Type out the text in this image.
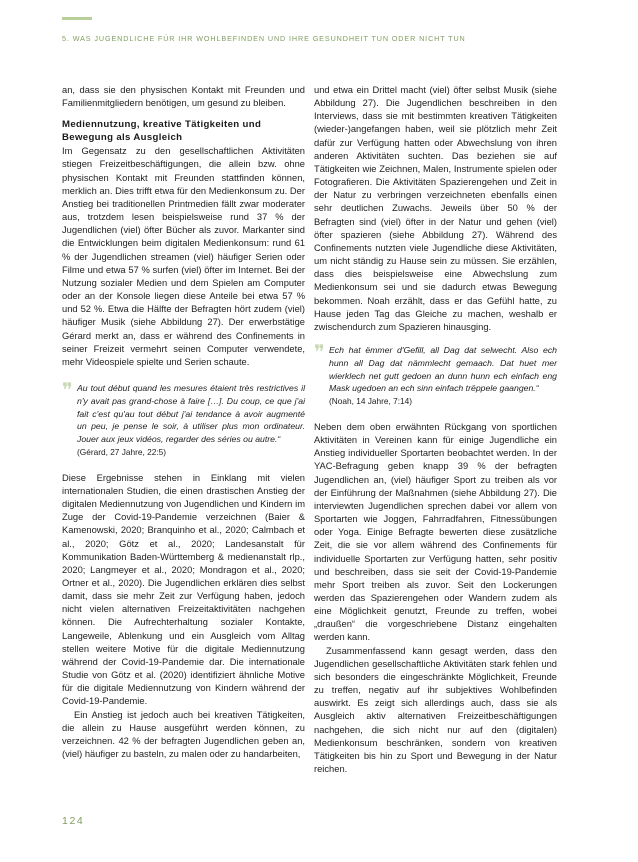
5. WAS JUGENDLICHE FÜR IHR WOHLBEFINDEN UND IHRE GESUNDHEIT TUN ODER NICHT TUN

an, dass sie den physischen Kontakt mit Freunden und Familienmitgliedern benötigen, um gesund zu bleiben.

Mediennutzung, kreative Tätigkeiten und Bewegung als Ausgleich

Im Gegensatz zu den gesellschaftlichen Aktivitäten stiegen Freizeitbeschäftigungen, die allein bzw. ohne physischen Kontakt mit Freunden stattfinden können, merklich an. Dies trifft etwa für den Medienkonsum zu. Der Anstieg bei traditionellen Printmedien fällt zwar moderater aus, trotzdem lesen beispielsweise rund 37 % der Jugendlichen (viel) öfter Bücher als zuvor. Markanter sind die Entwicklungen beim digitalen Medienkonsum: rund 61 % der Jugendlichen streamen (viel) häufiger Serien oder Filme und etwa 57 % surfen (viel) öfter im Internet. Bei der Nutzung sozialer Medien und dem Spielen am Computer oder an der Konsole liegen diese Anteile bei etwa 57 % und 52 %. Etwa die Hälfte der Befragten hört zudem (viel) häufiger Musik (siehe Abbildung 27). Der erwerbstätige Gérard merkt an, dass er während des Confinements in seiner Freizeit vermehrt seinen Computer verwendete, mehr Videospiele spielte und Serien schaute.

❞ Au tout début quand les mesures étaient très restrictives il n'y avait pas grand-chose à faire […]. Du coup, ce que j'ai fait c'est qu'au tout début j'ai tendance à avoir augmenté un peu, je pense le soir, à utiliser plus mon ordinateur. Jouer aux jeux vidéos, regarder des séries ou autre.“
(Gérard, 27 Jahre, 22:5)

Diese Ergebnisse stehen in Einklang mit vielen internationalen Studien, die einen drastischen Anstieg der digitalen Mediennutzung von Jugendlichen und Kindern im Zuge der Covid-19-Pandemie verzeichnen (Baier & Kamenowski, 2020; Branquinho et al., 2020; Calmbach et al., 2020; Götz et al., 2020; Landesanstalt für Kommunikation Baden-Württemberg & medienanstalt rlp., 2020; Langmeyer et al., 2020; Mondragon et al., 2020; Ortner et al., 2020). Die Jugendlichen erklären dies selbst damit, dass sie mehr Zeit zur Verfügung haben, jedoch nicht vielen alternativen Freizeitaktivitäten nachgehen können. Die Aufrechterhaltung sozialer Kontakte, Langeweile, Ablenkung und ein Ausgleich vom Alltag stellen weitere Motive für die digitale Mediennutzung während der Covid-19-Pandemie dar. Die internationale Studie von Götz et al. (2020) identifiziert ähnliche Motive für die digitale Mediennutzung von Kindern während der Covid-19-Pandemie.

Ein Anstieg ist jedoch auch bei kreativen Tätigkeiten, die allein zu Hause ausgeführt werden können, zu verzeichnen. 42 % der befragten Jugendlichen geben an, (viel) häufiger zu basteln, zu malen oder zu handarbeiten,

und etwa ein Drittel macht (viel) öfter selbst Musik (siehe Abbildung 27). Die Jugendlichen beschreiben in den Interviews, dass sie mit bestimmten kreativen Tätigkeiten (wieder-)angefangen haben, weil sie plötzlich mehr Zeit dafür zur Verfügung hatten oder Abwechslung von ihren anderen Aktivitäten suchten. Das beziehen sie auf Tätigkeiten wie Zeichnen, Malen, Instrumente spielen oder Fotografieren. Die Aktivitäten Spazierengehen und Zeit in der Natur zu verbringen verzeichneten ebenfalls einen sehr deutlichen Zuwachs. Jeweils über 50 % der Befragten sind (viel) öfter in der Natur und gehen (viel) öfter spazieren (siehe Abbildung 27). Während des Confinements nutzten viele Jugendliche diese Aktivitäten, um nicht ständig zu Hause sein zu müssen. Sie erzählen, dass dies beispielsweise eine Abwechslung zum Medienkonsum sei und sie dadurch etwas Bewegung bekommen. Noah erzählt, dass er das Gefühl hatte, zu Hause jeden Tag das Gleiche zu machen, weshalb er zwischendurch zum Spazieren hinausging.

❞ Ech hat ëmmer d'Gefill, all Dag dat selwecht. Also ech hunn all Dag dat nämmlecht gemaach. Dat huet mer wierklech net gutt gedoen an dunn hunn ech einfach eng Mask ugedoen an ech sinn einfach trëppele gaangen.“
(Noah, 14 Jahre, 7:14)

Neben dem oben erwähnten Rückgang von sportlichen Aktivitäten in Vereinen kann für einige Jugendliche ein Anstieg individueller Sportarten beobachtet werden. In der YAC-Befragung geben knapp 39 % der befragten Jugendlichen an, (viel) häufiger Sport zu treiben als vor der Einführung der Maßnahmen (siehe Abbildung 27). Die interviewten Jugendlichen sprechen dabei vor allem von Sportarten wie Joggen, Fahrradfahren, Fitnessübungen oder Yoga. Einige Befragte bewerten diese zusätzliche Zeit, die sie vor allem während des Confinements für individuelle Sportarten zur Verfügung hatten, sehr positiv und beschreiben, dass sie seit der Covid-19-Pandemie mehr Sport treiben als zuvor. Seit den Lockerungen werden das Spazierengehen oder Wandern zudem als eine Möglichkeit genutzt, Freunde zu treffen, wobei „draußen“ die vorgeschriebene Distanz eingehalten werden kann.

Zusammenfassend kann gesagt werden, dass den Jugendlichen gesellschaftliche Aktivitäten stark fehlen und sich besonders die eingeschränkte Möglichkeit, Freunde zu treffen, negativ auf ihr subjektives Wohlbefinden auswirkt. Es zeigt sich allerdings auch, dass sie als Ausgleich aktiv alternativen Freizeitbeschäftigungen nachgehen, die sich nicht nur auf den (digitalen) Medienkonsum beschränken, sondern von kreativen Tätigkeiten bis hin zu Sport und Bewegung in der Natur reichen.

124
